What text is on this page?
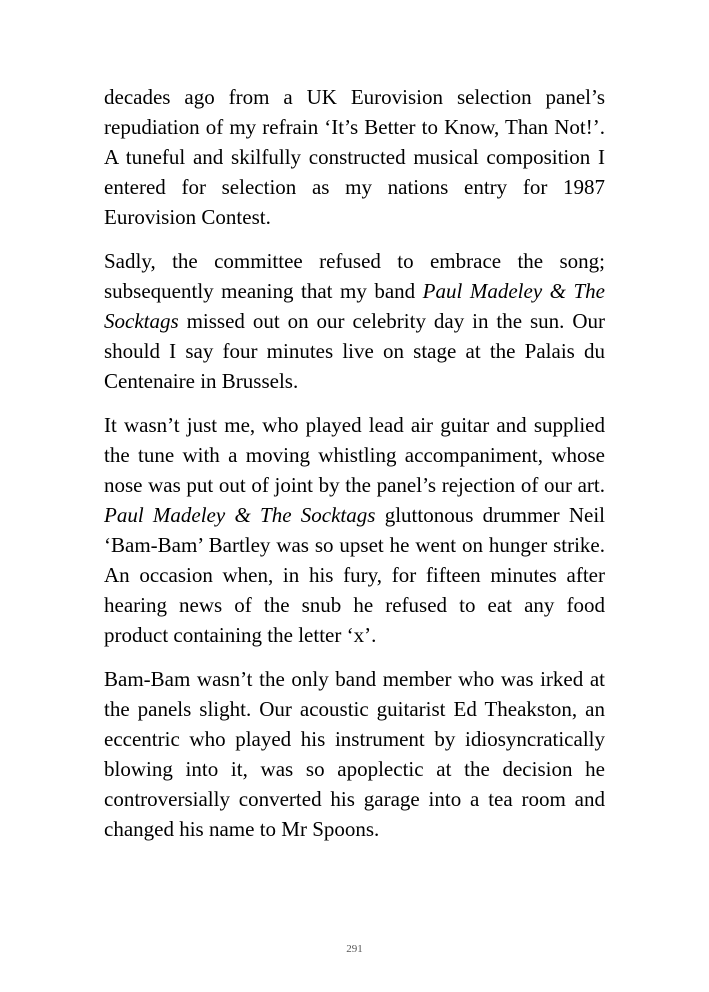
decades ago from a UK Eurovision selection panel’s repudiation of my refrain ‘It’s Better to Know, Than Not!’. A tuneful and skilfully constructed musical composition I entered for selection as my nations entry for 1987 Eurovision Contest.

Sadly, the committee refused to embrace the song; subsequently meaning that my band Paul Madeley & The Socktags missed out on our celebrity day in the sun. Our should I say four minutes live on stage at the Palais du Centenaire in Brussels.

It wasn’t just me, who played lead air guitar and supplied the tune with a moving whistling accompaniment, whose nose was put out of joint by the panel’s rejection of our art. Paul Madeley & The Socktags gluttonous drummer Neil ‘Bam-Bam’ Bartley was so upset he went on hunger strike. An occasion when, in his fury, for fifteen minutes after hearing news of the snub he refused to eat any food product containing the letter ‘x’.

Bam-Bam wasn’t the only band member who was irked at the panels slight. Our acoustic guitarist Ed Theakston, an eccentric who played his instrument by idiosyncratically blowing into it, was so apoplectic at the decision he controversially converted his garage into a tea room and changed his name to Mr Spoons.

291
